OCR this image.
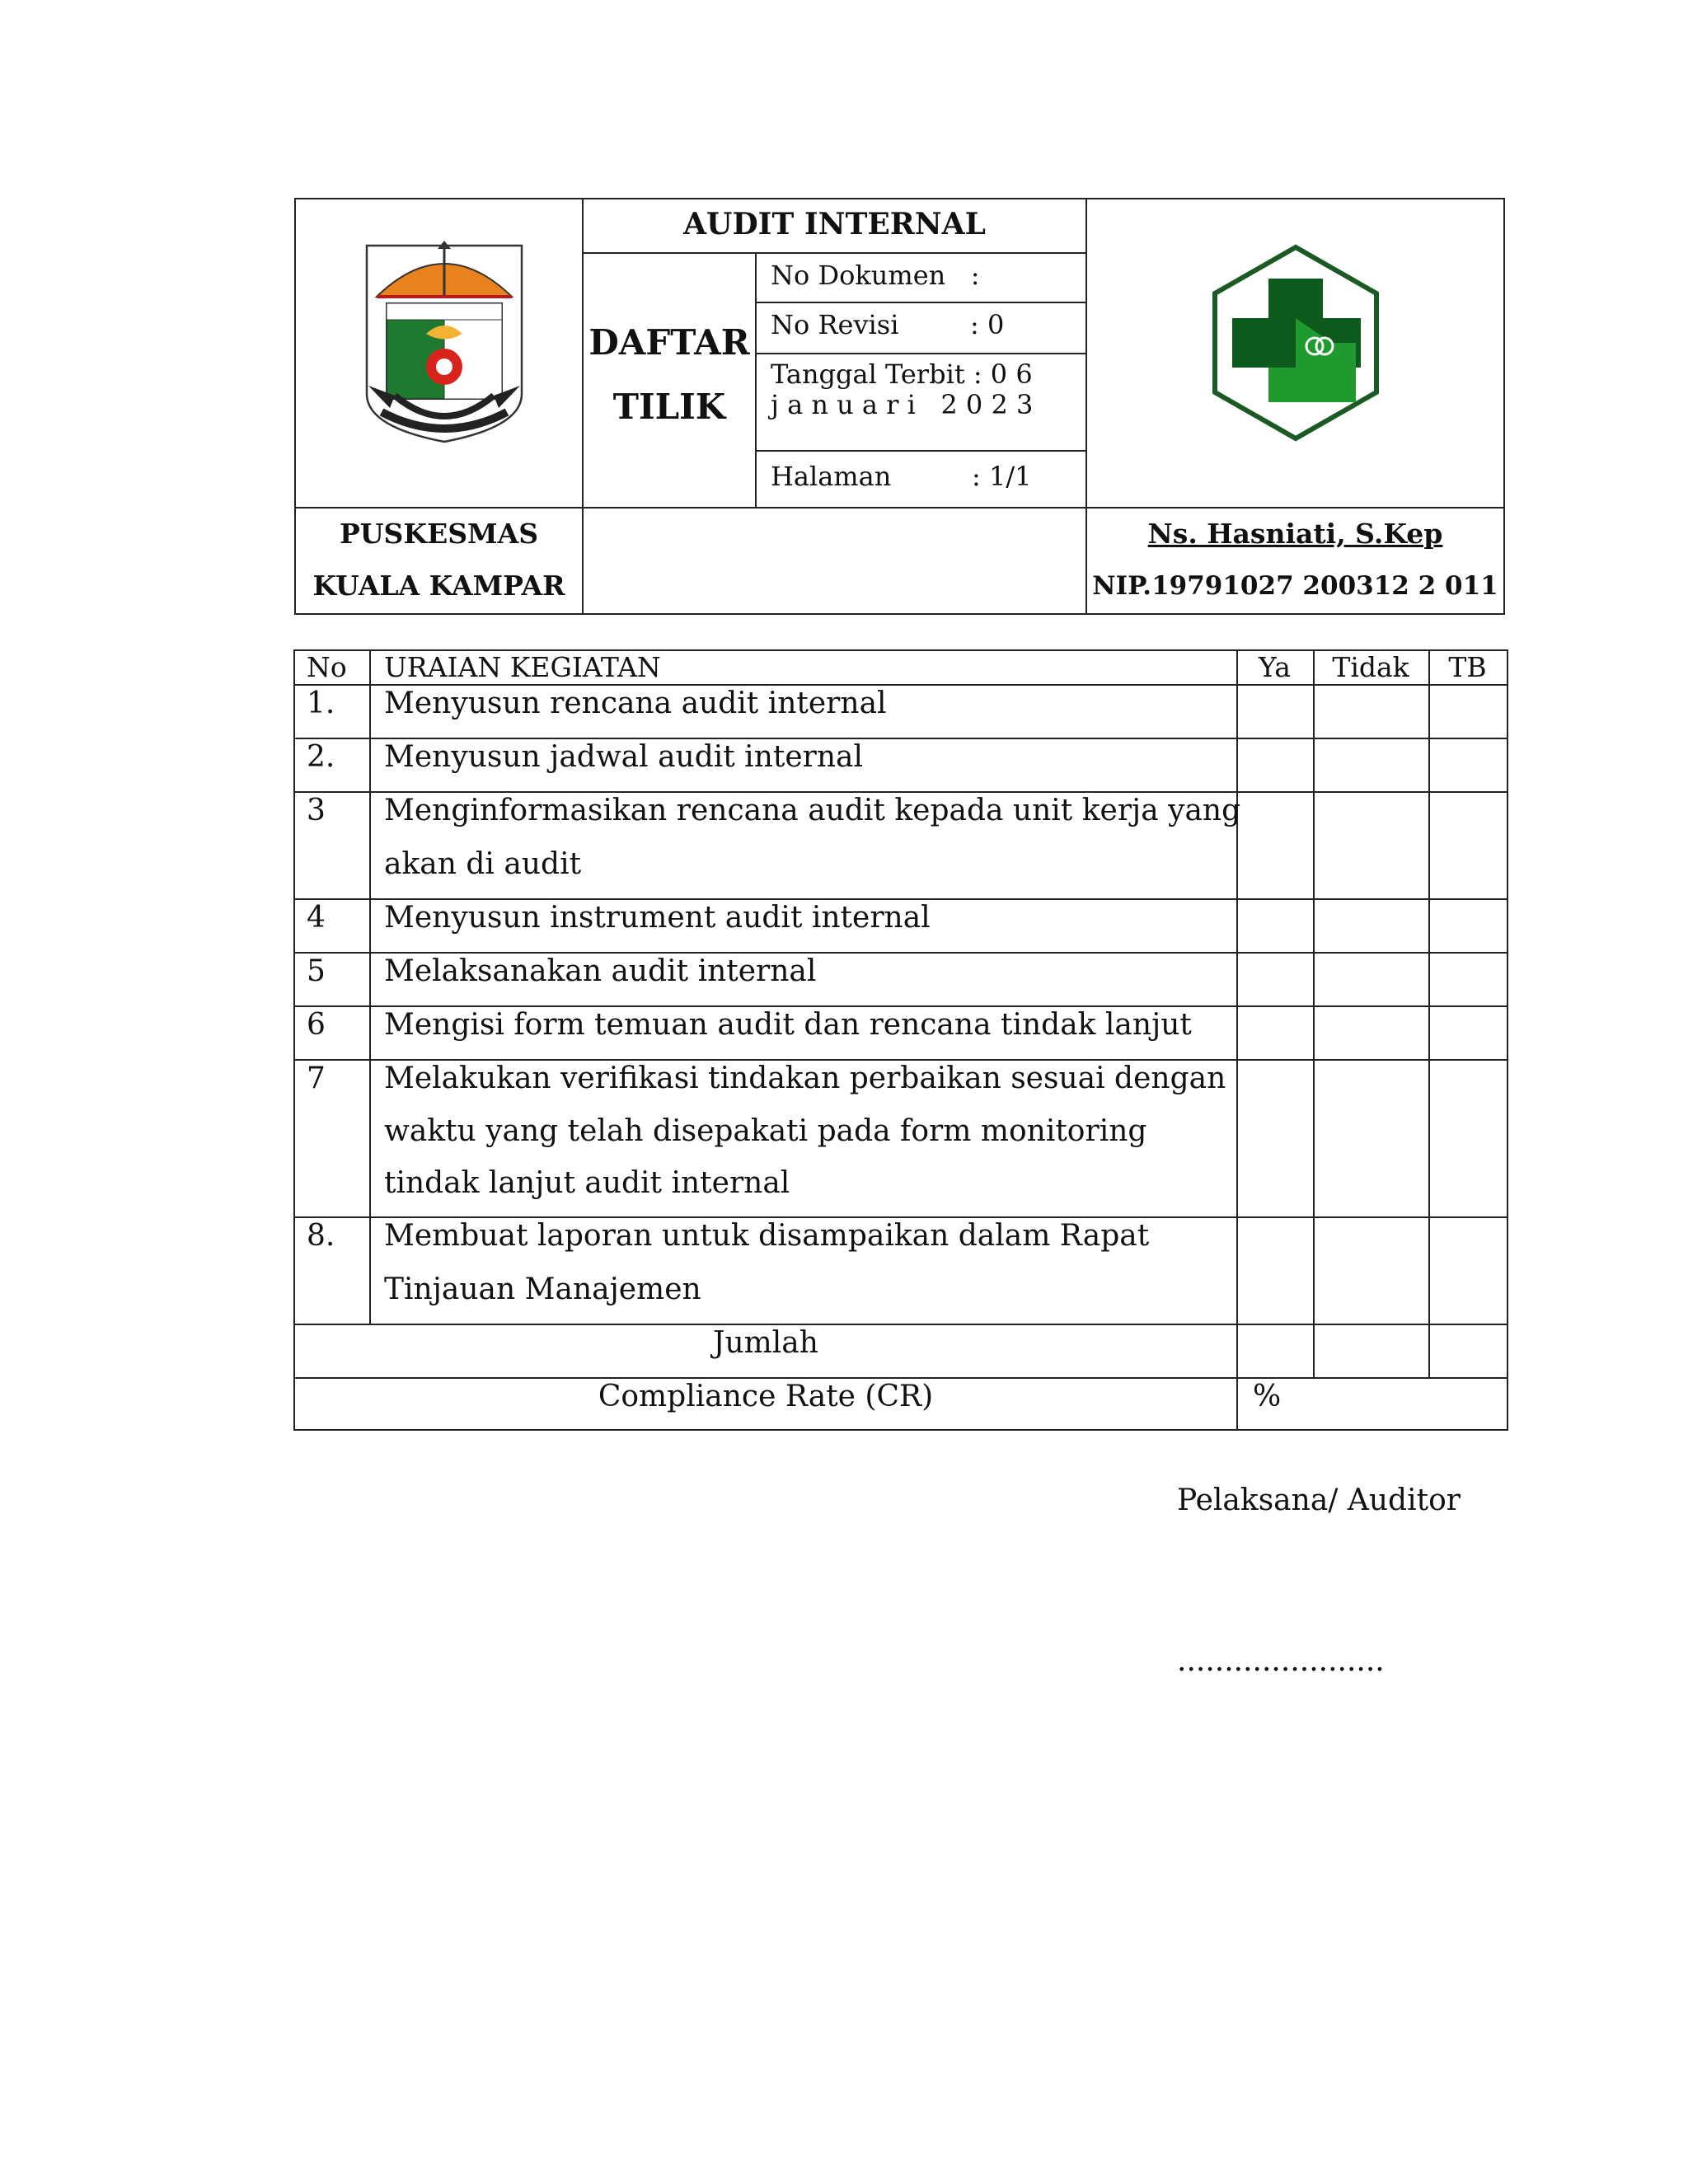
AUDIT INTERNAL
DAFTAR
TILIK
No Dokumen   :
No Revisi	: 0
Tanggal Terbit : 0 6
j a n u a r i   2 0 2 3
Halaman	: 1/1
PUSKESMAS
KUALA KAMPAR
Ns. Hasniati, S.Kep
NIP.19791027 200312 2 011
No URAIAN KEGIATAN	Ya	Tidak	TB
1. Menyusun rencana audit internal
2. Menyusun jadwal audit internal
3 Menginformasikan rencana audit kepada unit kerja yang
akan di audit
4 Menyusun instrument audit internal
5 Melaksanakan audit internal
6 Mengisi form temuan audit dan rencana tindak lanjut
7 Melakukan verifikasi tindakan perbaikan sesuai dengan
waktu yang telah disepakati pada form monitoring
tindak lanjut audit internal
8. Membuat laporan untuk disampaikan dalam Rapat
Tinjauan Manajemen
Jumlah
Compliance Rate (CR)	%
Pelaksana/ Auditor
......................
